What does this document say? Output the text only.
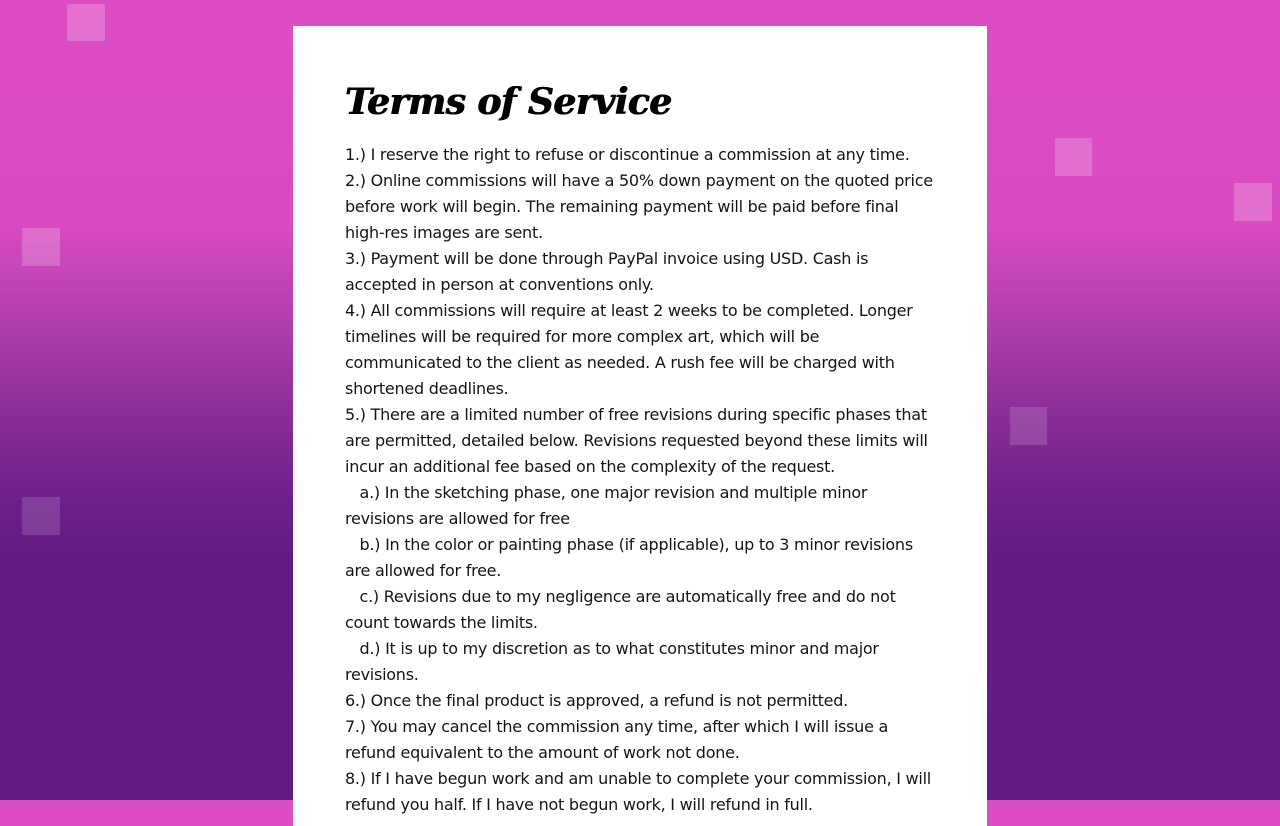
Terms of Service

1.) I reserve the right to refuse or discontinue a commission at any time.

2.) Online commissions will have a 50% down payment on the quoted price before work will begin. The remaining payment will be paid before final high-res images are sent.

3.) Payment will be done through PayPal invoice using USD. Cash is accepted in person at conventions only.

4.) All commissions will require at least 2 weeks to be completed. Longer timelines will be required for more complex art, which will be communicated to the client as needed. A rush fee will be charged with shortened deadlines.

5.) There are a limited number of free revisions during specific phases that are permitted, detailed below. Revisions requested beyond these limits will incur an additional fee based on the complexity of the request.

a.) In the sketching phase, one major revision and multiple minor revisions are allowed for free

b.) In the color or painting phase (if applicable), up to 3 minor revisions are allowed for free.

c.) Revisions due to my negligence are automatically free and do not count towards the limits.

d.) It is up to my discretion as to what constitutes minor and major revisions.

6.) Once the final product is approved, a refund is not permitted.

7.) You may cancel the commission any time, after which I will issue a refund equivalent to the amount of work not done.

8.) If I have begun work and am unable to complete your commission, I will refund you half. If I have not begun work, I will refund in full.
